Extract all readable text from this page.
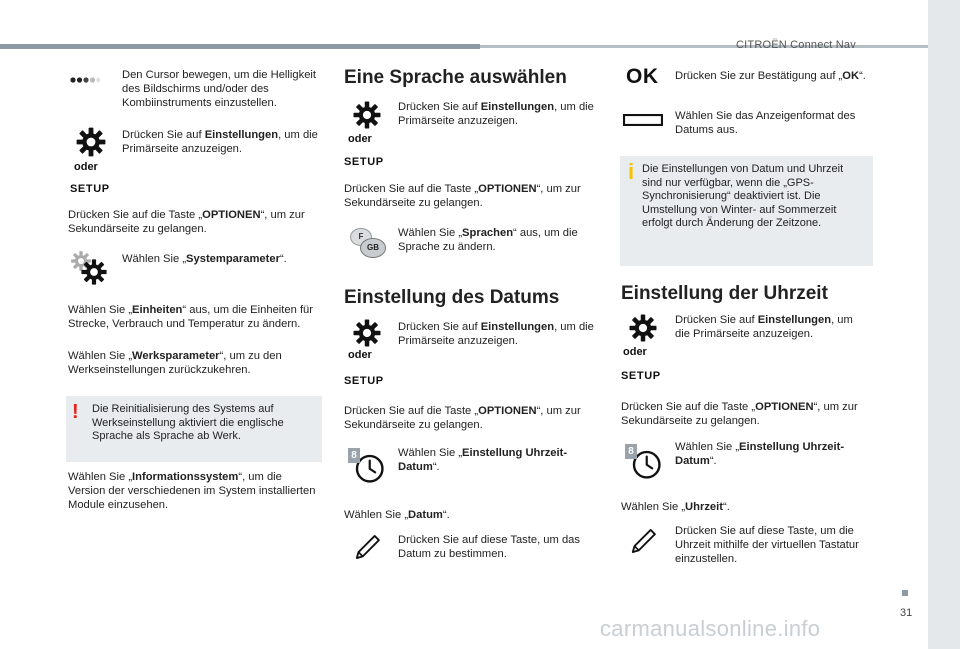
CITROËN Connect Nav
31
carmanualsonline.info
Den Cursor bewegen, um die Helligkeit des Bildschirms und/oder des Kombiinstruments einzustellen.
oder
SETUP
Drücken Sie auf Einstellungen, um die Primärseite anzuzeigen.
Drücken Sie auf die Taste „OPTIONEN“, um zur Sekundärseite zu gelangen.
Wählen Sie „Systemparameter“.
Wählen Sie „Einheiten“ aus, um die Einheiten für Strecke, Verbrauch und Temperatur zu ändern.
Wählen Sie „Werksparameter“, um zu den Werkseinstellungen zurückzukehren.
! Die Reinitialisierung des Systems auf Werkseinstellung aktiviert die englische Sprache als Sprache ab Werk.
Wählen Sie „Informationssystem“, um die Version der verschiedenen im System installierten Module einzusehen.
Eine Sprache auswählen
oder
SETUP
Drücken Sie auf Einstellungen, um die Primärseite anzuzeigen.
Drücken Sie auf die Taste „OPTIONEN“, um zur Sekundärseite zu gelangen.
F
GB
Wählen Sie „Sprachen“ aus, um die Sprache zu ändern.
Einstellung des Datums
oder
SETUP
Drücken Sie auf Einstellungen, um die Primärseite anzuzeigen.
Drücken Sie auf die Taste „OPTIONEN“, um zur Sekundärseite zu gelangen.
8	Wählen Sie „Einstellung Uhrzeit-Datum“.
Wählen Sie „Datum“.
Drücken Sie auf diese Taste, um das Datum zu bestimmen.
OK Drücken Sie zur Bestätigung auf „OK“.
Wählen Sie das Anzeigenformat des Datums aus.
i Die Einstellungen von Datum und Uhrzeit sind nur verfügbar, wenn die „GPS-Synchronisierung“ deaktiviert ist. Die Umstellung von Winter- auf Sommerzeit erfolgt durch Änderung der Zeitzone.
Einstellung der Uhrzeit
oder
SETUP
Drücken Sie auf Einstellungen, um die Primärseite anzuzeigen.
Drücken Sie auf die Taste „OPTIONEN“, um zur Sekundärseite zu gelangen.
8	Wählen Sie „Einstellung Uhrzeit-Datum“.
Wählen Sie „Uhrzeit“.
Drücken Sie auf diese Taste, um die Uhrzeit mithilfe der virtuellen Tastatur einzustellen.
